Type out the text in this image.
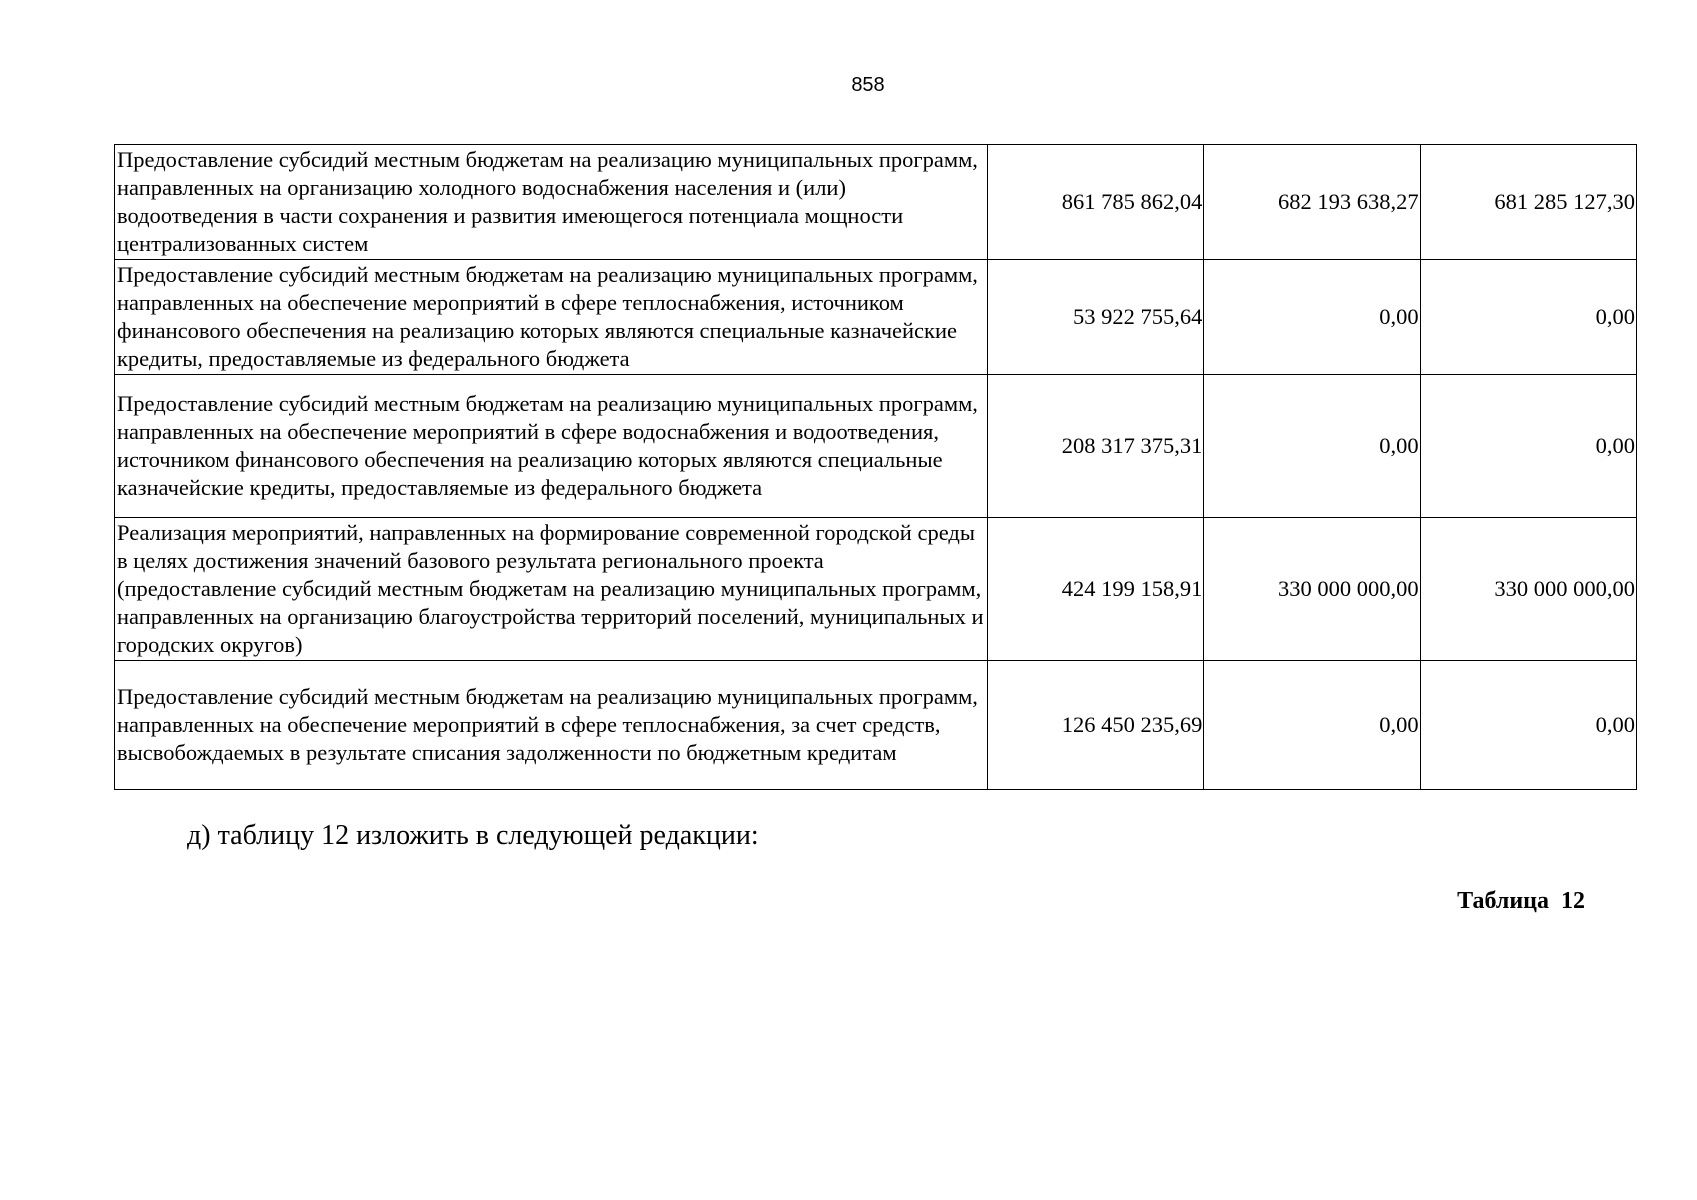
858
Предоставление субсидий местным бюджетам на реализацию муниципальных программ, направленных на организацию холодного водоснабжения населения и (или) водоотведения в части сохранения и развития имеющегося потенциала мощности централизованных систем	861 785 862,04	682 193 638,27	681 285 127,30
Предоставление субсидий местным бюджетам на реализацию муниципальных программ, направленных на обеспечение мероприятий в сфере теплоснабжения, источником финансового обеспечения на реализацию которых являются специальные казначейские кредиты, предоставляемые из федерального бюджета	53 922 755,64	0,00	0,00
Предоставление субсидий местным бюджетам на реализацию муниципальных программ, направленных на обеспечение мероприятий в сфере водоснабжения и водоотведения, источником финансового обеспечения на реализацию которых являются специальные казначейские кредиты, предоставляемые из федерального бюджета	208 317 375,31	0,00	0,00
Реализация мероприятий, направленных на формирование современной городской среды в целях достижения значений базового результата регионального проекта (предоставление субсидий местным бюджетам на реализацию муниципальных программ, направленных на организацию благоустройства территорий поселений, муниципальных и городских округов)	424 199 158,91	330 000 000,00	330 000 000,00
Предоставление субсидий местным бюджетам на реализацию муниципальных программ, направленных на обеспечение мероприятий в сфере теплоснабжения, за счет средств, высвобождаемых в результате списания задолженности по бюджетным кредитам	126 450 235,69	0,00	0,00
д) таблицу 12 изложить в следующей редакции:
Таблица 12
